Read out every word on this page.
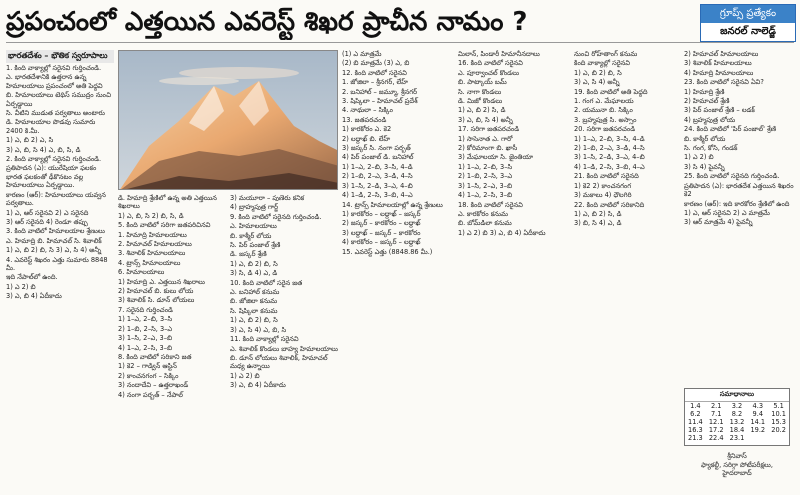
ప్రపంచంలో ఎత్తయిన ఎవరెస్ట్ శిఖర ప్రాచీన నామం ?	గ్రూప్స్ ప్రత్యేకం
జనరల్ నాలెడ్జ్
భారతదేశం – భౌతిక స్వరూపాలు

1. కింది వాక్యాల్లో సరైనవి గుర్తించండి.

ఎ. భారతదేశానికి ఉత్తరాన ఉన్న హిమాలయాలు ప్రపంచంలో అతి పెద్దవి

బి. హిమాలయాలు టెథిస్ సముద్రం నుంచి ఏర్పడ్డాయి

సి. వీటిని ముడుత పర్వతాలు అంటారు

డి. హిమాలయాల పొడవు సుమారు 2400 కి.మీ.

1) ఎ, బి 2) ఎ, సి

3) ఎ, బి, సి 4) ఎ, బి, సి, డి

2. కింది వాక్యాల్లో సరైనవి గుర్తించండి.

ప్రతిపాదన (ఎ): యురేషియా ఫలకం భారత ఫలకంతో ఢీకొనటం వల్ల హిమాలయాలు ఏర్పడ్డాయి.

కారణం (ఆర్): హిమాలయాలు యవ్వన పర్వతాలు.

1) ఎ, ఆర్ సరైనవి 2) ఎ సరైనది

3) ఆర్ సరైనది 4) రెండూ తప్పు

3. కింది వాటిలో హిమాలయాల శ్రేణులు

ఎ. హిమాద్రి బి. హిమాచల్ సి. శివాలిక్

1) ఎ, బి 2) బి, సి 3) ఎ, సి 4) అన్నీ

4. ఎవరెస్ట్ శిఖరం ఎత్తు సుమారు 8848 మీ.

ఇది నేపాల్‌లో ఉంది.

1) ఎ 2) బి

3) ఎ, బి 4) ఏదీకాదు

డి. హిమాద్రి శ్రేణిలో ఉన్న అతి ఎత్తయిన శిఖరాలు

1) ఎ, బి, సి 2) బి, సి, డి

5. కింది వాటిలో సరిగా జతపరిచినవి

1. హిమాద్రి హిమాలయాలు

2. హిమాచల్ హిమాలయాలు

3. శివాలిక్ హిమాలయాలు

4. ట్రాన్స్ హిమాలయాలు

6. హిమాలయాలు

1) హిమాద్రి ఎ. ఎత్తయిన శిఖరాలు

2) హిమాచల్ బి. కులు లోయ

3) శివాలిక్ సి. డూన్ లోయలు

7. సరైనది గుర్తించండి

1) 1–ఎ, 2–బి, 3–సి

2) 1–బి, 2–సి, 3–ఎ

3) 1–సి, 2–ఎ, 3–బి

4) 1–ఎ, 2–సి, 3–బి

8. కింది వాటిలో సరికాని జత

1) కె2 – గాడ్విన్ ఆస్టిన్

2) కాంచనగంగ – సిక్కిం

3) నందాదేవి – ఉత్తరాఖండ్

4) నంగా పర్బత్ – నేపాల్

3) మయూరా – పుణెరు కనిక

4) బ్రాహ్మపుత్ర గార్జ్

9. కింది వాటిలో సరైనది గుర్తించండి.

ఎ. హిమాలయాలు

బి. కాశ్మీర్ లోయ

సి. పిర్ పంజాల్ శ్రేణి

డి. జస్కర్ శ్రేణి

1) ఎ, బి 2) బి, సి

3) సి, డి 4) ఎ, డి

10. కింది వాటిలో సరైన జత

ఎ. బనిహాల్ కనుమ

బి. జోజిలా కనుమ

సి. షిప్కిలా కనుమ

1) ఎ, బి 2) బి, సి

3) ఎ, సి 4) ఎ, బి, సి

11. కింది వాక్యాల్లో సరైనవి

ఎ. శివాలిక్ కొండలు బాహ్య హిమాలయాలు

బి. డూన్ లోయలు శివాలిక్, హిమాచల్ మధ్య ఉన్నాయి

1) ఎ 2) బి

3) ఎ, బి 4) ఏదీకాదు

(1) ఎ మాత్రమే

(2) బి మాత్రమే (3) ఎ, బి

12. కింది వాటిలో సరైనవి

1. జోజిలా – శ్రీనగర్, లేహ్

2. బనిహాల్ – జమ్మూ, శ్రీనగర్

3. షిప్కిలా – హిమాచల్ ప్రదేశ్

4. నాథులా – సిక్కిం

13. జతపరచండి

1) కారకోరం ఎ. కె2

2) లద్దాఖ్ బి. లేహ్

3) జస్కర్ సి. నంగా పర్బత్

4) పిర్ పంజాల్ డి. బనిహాల్

1) 1–ఎ, 2–బి, 3–సి, 4–డి

2) 1–బి, 2–ఎ, 3–డి, 4–సి

3) 1–సి, 2–డి, 3–ఎ, 4–బి

4) 1–డి, 2–సి, 3–బి, 4–ఎ

14. ట్రాన్స్ హిమాలయాల్లో ఉన్న శ్రేణులు

1) కారకోరం – లద్దాఖ్ – జస్కర్

2) జస్కర్ – కారకోరం – లద్దాఖ్

3) లద్దాఖ్ – జస్కర్ – కారకోరం

4) కారకోరం – జస్కర్ – లద్దాఖ్

15. ఎవరెస్ట్ ఎత్తు (8848.86 మీ.)

మిలాన్, పిండారీ హిమానీనదాలు

16. కింది వాటిలో సరైనవి

ఎ. పూర్వాంచల్ కొండలు

బి. పాట్కాయ్ బమ్

సి. నాగా కొండలు

డి. మిజో కొండలు

1) ఎ, బి 2) సి, డి

3) ఎ, బి, సి 4) అన్నీ

17. సరిగా జతపరచండి

1) సాసెనాత ఎ. గారో

2) కోరిమాంగా బి. ఖాసీ

3) మేఘాలయా సి. జైంతియా

1) 1–ఎ, 2–బి, 3–సి

2) 1–బి, 2–సి, 3–ఎ

3) 1–సి, 2–ఎ, 3–బి

4) 1–ఎ, 2–సి, 3–బి

18. కింది వాటిలో సరైనవి

ఎ. కారకోరం కనుమ

బి. బోమ్‌డిలా కనుమ

1) ఎ 2) బి 3) ఎ, బి 4) ఏదీకాదు

నుంచి రోహ్‌తాంగ్ కనుమ

కింది వాక్యాల్లో సరైనవి

1) ఎ, బి 2) బి, సి

3) ఎ, సి 4) అన్నీ

19. కింది వాటిలో అతి పెద్దది

1. గంగ ఎ. మేఘాలయ

2. యమునా బి. సిక్కిం

3. బ్రహ్మపుత్ర సి. అస్సాం

20. సరిగా జతపరచండి

1) 1–ఎ, 2–బి, 3–సి, 4–డి

2) 1–బి, 2–ఎ, 3–డి, 4–సి

3) 1–సి, 2–డి, 3–ఎ, 4–బి

4) 1–డి, 2–సి, 3–బి, 4–ఎ

21. కింది వాటిలో సరైనది

1) కె2 2) కాంచనగంగ

3) మకాలు 4) ధౌలగిరి

22. కింది వాటిలో సరికానిది

1) ఎ, బి 2) సి, డి

3) బి, సి 4) ఎ, డి

2) హిమాచల్ హిమాలయాలు

3) శివాలిక్ హిమాలయాలు

4) హిమాద్రి హిమాలయాలు

23. కింది వాటిలో సరైనవి ఏవి?

1) హిమాద్రి శ్రేణి

2) హిమాచల్ శ్రేణి

3) పిర్ పంజాల్ శ్రేణి – లడక్

4) బ్రహ్మపుత్ర లోయ

24. కింది వాటిలో 'పిర్ పంజాల్' శ్రేణి

బి. కాశ్మీర్ లోయ

సి. గంగ, కోసి, గండక్

1) ఎ 2) బి

3) సి 4) పైవన్నీ

25. కింది వాటిలో సరైనది గుర్తించండి.

ప్రతిపాదన (ఎ): భారతదేశ ఎత్తయిన శిఖరం కె2

కారణం (ఆర్): ఇది కారకోరం శ్రేణిలో ఉంది

1) ఎ, ఆర్ సరైనవి 2) ఎ మాత్రమే

3) ఆర్ మాత్రమే 4) పైవన్నీ

సమాధానాలు
1.4	2.1	3.2	4.3	5.1
6.2	7.1	8.2	9.4	10.1
11.4	12.1	13.2	14.1	15.3
16.3	17.2	18.4	19.2	20.2
21.3	22.4	23.1		
శ్రీనివాస్
ఫ్యాకల్టీ, సరిగ్గా పోటీపరీక్షలు,
హైదరాబాద్
